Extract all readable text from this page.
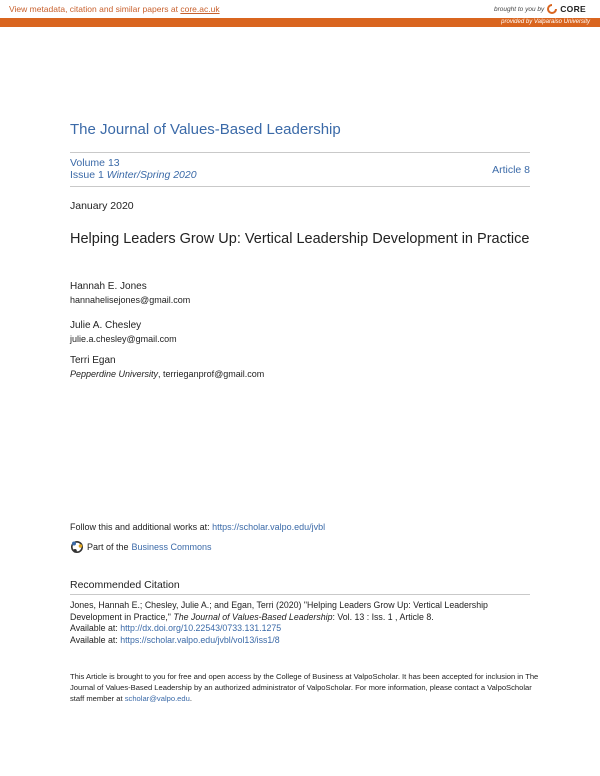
View metadata, citation and similar papers at core.ac.uk	brought to you by CORE
provided by Valparaiso University
The Journal of Values-Based Leadership
Volume 13
Issue 1 Winter/Spring 2020	Article 8
January 2020
Helping Leaders Grow Up: Vertical Leadership Development in Practice
Hannah E. Jones
hannahelisejones@gmail.com
Julie A. Chesley
julie.a.chesley@gmail.com
Terri Egan
Pepperdine University, terrieganprof@gmail.com
Follow this and additional works at: https://scholar.valpo.edu/jvbl
Part of the Business Commons
Recommended Citation
Jones, Hannah E.; Chesley, Julie A.; and Egan, Terri (2020) "Helping Leaders Grow Up: Vertical Leadership Development in Practice," The Journal of Values-Based Leadership: Vol. 13 : Iss. 1 , Article 8.
Available at: http://dx.doi.org/10.22543/0733.131.1275
Available at: https://scholar.valpo.edu/jvbl/vol13/iss1/8
This Article is brought to you for free and open access by the College of Business at ValpoScholar. It has been accepted for inclusion in The Journal of Values-Based Leadership by an authorized administrator of ValpoScholar. For more information, please contact a ValpoScholar staff member at scholar@valpo.edu.
